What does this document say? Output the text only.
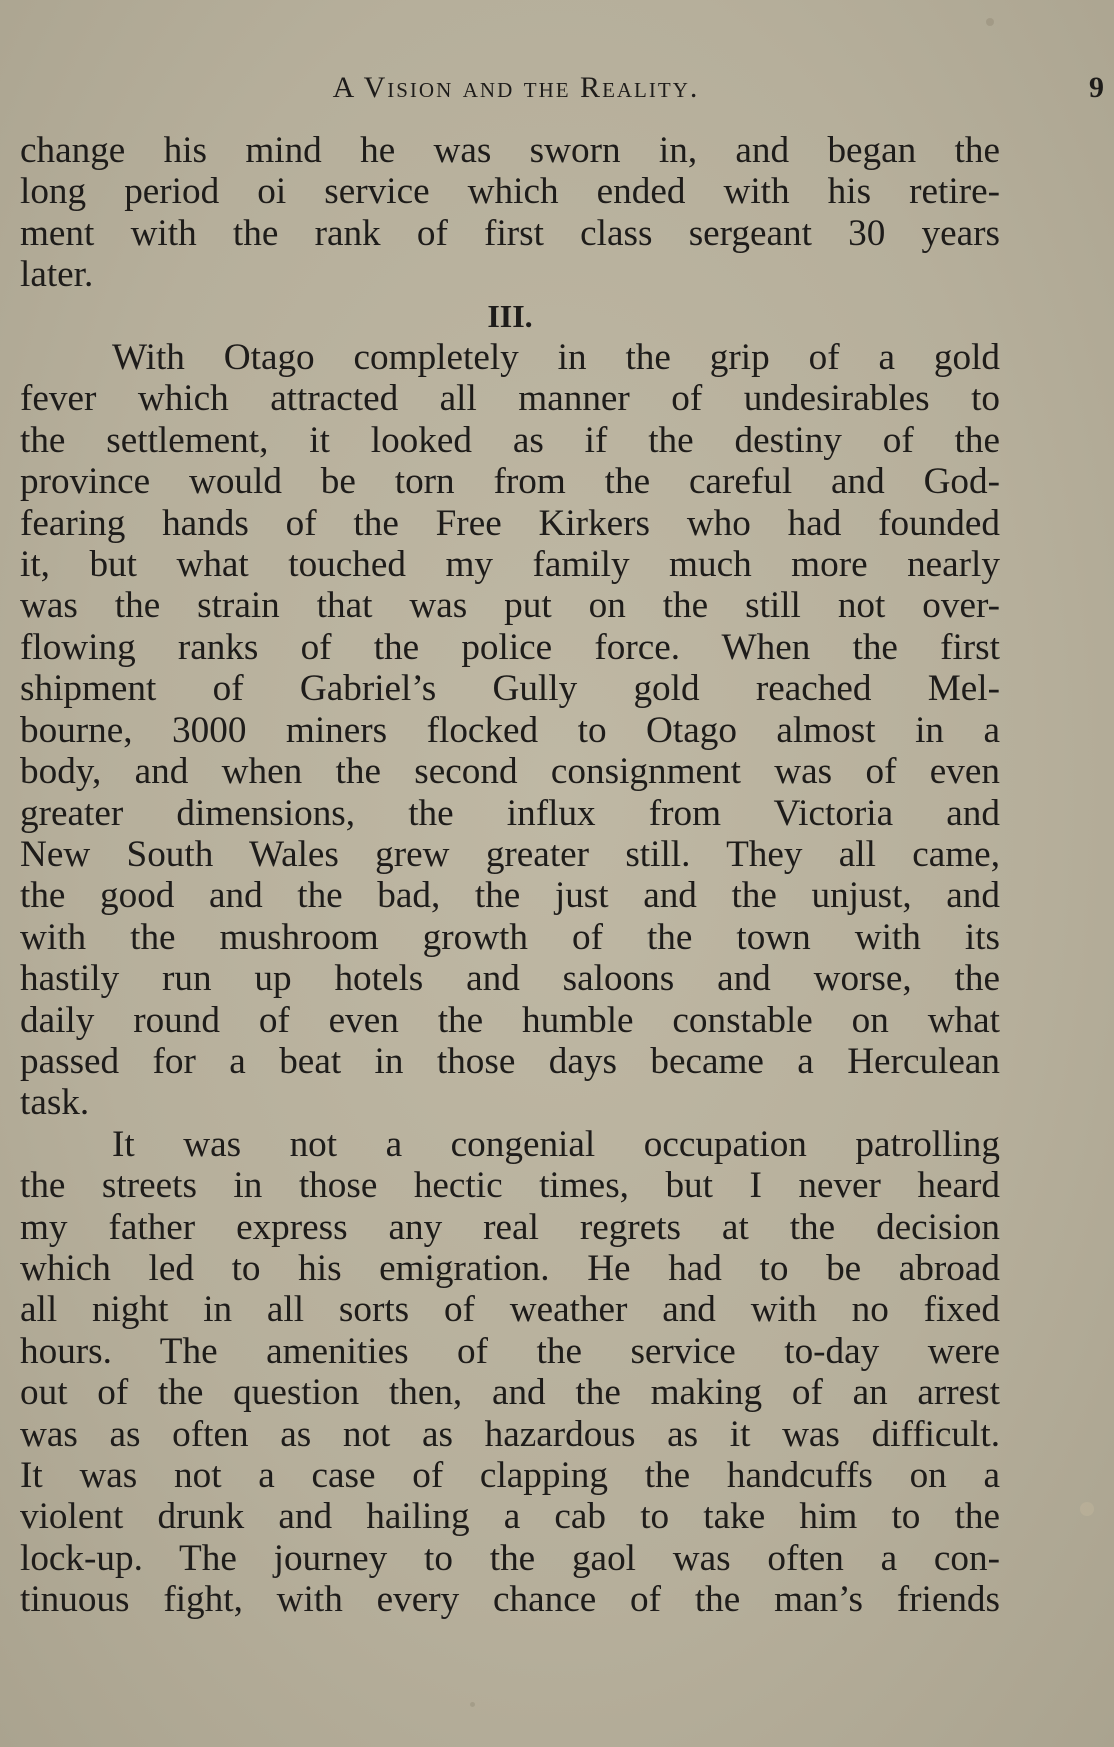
A Vision and the Reality.	9

change his mind he was sworn in, and began the
long period oi service which ended with his retire-
ment with the rank of first class sergeant 30 years
later.

III.

With Otago completely in the grip of a gold
fever which attracted all manner of undesirables to
the settlement, it looked as if the destiny of the
province would be torn from the careful and God-
fearing hands of the Free Kirkers who had founded
it, but what touched my family much more nearly
was the strain that was put on the still not over-
flowing ranks of the police force. When the first
shipment of Gabriel’s Gully gold reached Mel-
bourne, 3000 miners flocked to Otago almost in a
body, and when the second consignment was of even
greater dimensions, the influx from Victoria and
New South Wales grew greater still. They all came,
the good and the bad, the just and the unjust, and
with the mushroom growth of the town with its
hastily run up hotels and saloons and worse, the
daily round of even the humble constable on what
passed for a beat in those days became a Herculean
task.

It was not a congenial occupation patrolling
the streets in those hectic times, but I never heard
my father express any real regrets at the decision
which led to his emigration. He had to be abroad
all night in all sorts of weather and with no fixed
hours. The amenities of the service to-day were
out of the question then, and the making of an arrest
was as often as not as hazardous as it was difficult.
It was not a case of clapping the handcuffs on a
violent drunk and hailing a cab to take him to the
lock-up. The journey to the gaol was often a con-
tinuous fight, with every chance of the man’s friends
